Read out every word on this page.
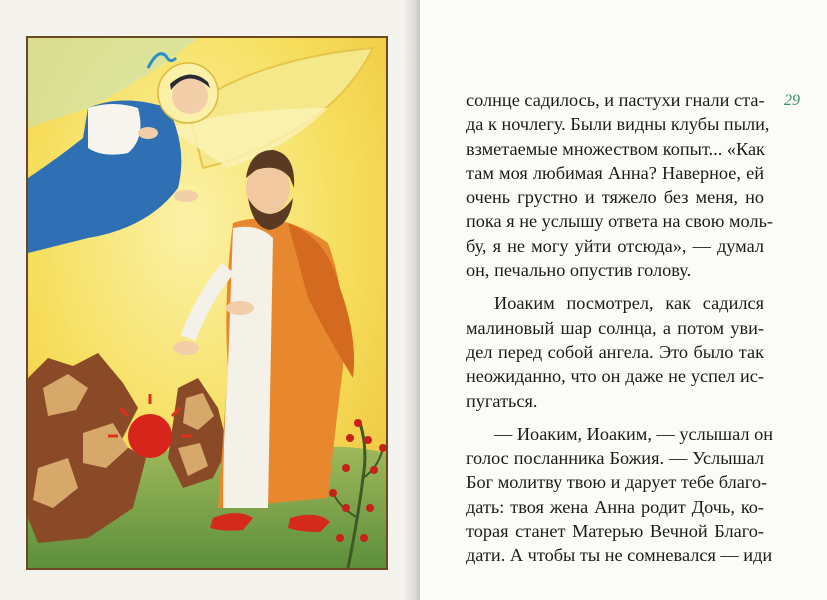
29
солнце садилось, и пастухи гнали ста-
да к ночлегу. Были видны клубы пыли,
взметаемые множеством копыт... «Как
там моя любимая Анна? Наверное, ей
очень грустно и тяжело без меня, но
пока я не услышу ответа на свою моль-
бу, я не могу уйти отсюда», — думал
он, печально опустив голову.
Иоаким посмотрел, как садился
малиновый шар солнца, а потом уви-
дел перед собой ангела. Это было так
неожиданно, что он даже не успел ис-
пугаться.
— Иоаким, Иоаким, — услышал он
голос посланника Божия. — Услышал
Бог молитву твою и дарует тебе благо-
дать: твоя жена Анна родит Дочь, ко-
торая станет Матерью Вечной Благо-
дати. А чтобы ты не сомневался — иди
